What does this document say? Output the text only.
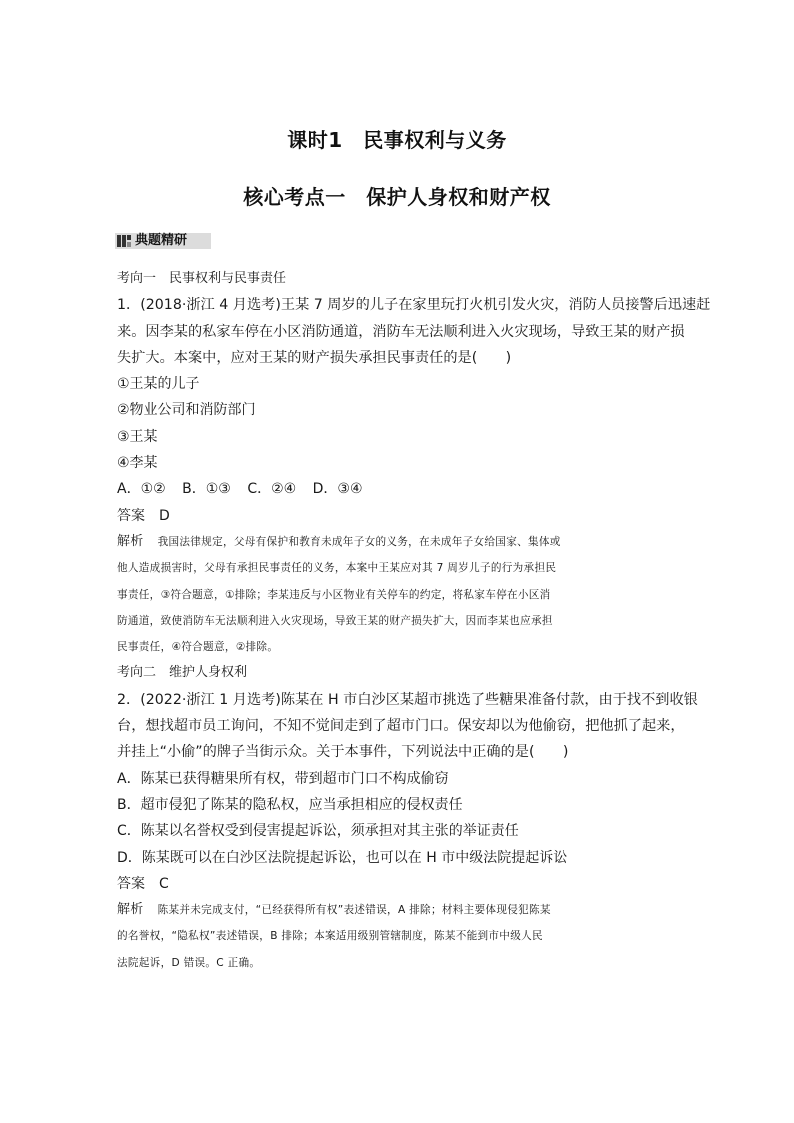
课时1　民事权利与义务
核心考点一　保护人身权和财产权
典题精研
考向一　民事权利与民事责任
1．(2018·浙江 4 月选考)王某 7 周岁的儿子在家里玩打火机引发火灾，消防人员接警后迅速赶
来。因李某的私家车停在小区消防通道，消防车无法顺利进入火灾现场，导致王某的财产损
失扩大。本案中，应对王某的财产损失承担民事责任的是(　　)
①王某的儿子
②物业公司和消防部门
③王某
④李某
A．①② B．①③ C．②④ D．③④
答案 D
解析 我国法律规定，父母有保护和教育未成年子女的义务，在未成年子女给国家、集体或
他人造成损害时，父母有承担民事责任的义务，本案中王某应对其 7 周岁儿子的行为承担民
事责任，③符合题意，①排除；李某违反与小区物业有关停车的约定，将私家车停在小区消
防通道，致使消防车无法顺利进入火灾现场，导致王某的财产损失扩大，因而李某也应承担
民事责任，④符合题意，②排除。
考向二　维护人身权利
2．(2022·浙江 1 月选考)陈某在 H 市白沙区某超市挑选了些糖果准备付款，由于找不到收银
台，想找超市员工询问，不知不觉间走到了超市门口。保安却以为他偷窃，把他抓了起来，
并挂上“小偷”的牌子当街示众。关于本事件，下列说法中正确的是(　　)
A．陈某已获得糖果所有权，带到超市门口不构成偷窃
B．超市侵犯了陈某的隐私权，应当承担相应的侵权责任
C．陈某以名誉权受到侵害提起诉讼，须承担对其主张的举证责任
D．陈某既可以在白沙区法院提起诉讼，也可以在 H 市中级法院提起诉讼
答案 C
解析 陈某并未完成支付，“已经获得所有权”表述错误，A 排除；材料主要体现侵犯陈某
的名誉权，“隐私权”表述错误，B 排除；本案适用级别管辖制度，陈某不能到市中级人民
法院起诉，D 错误。C 正确。
